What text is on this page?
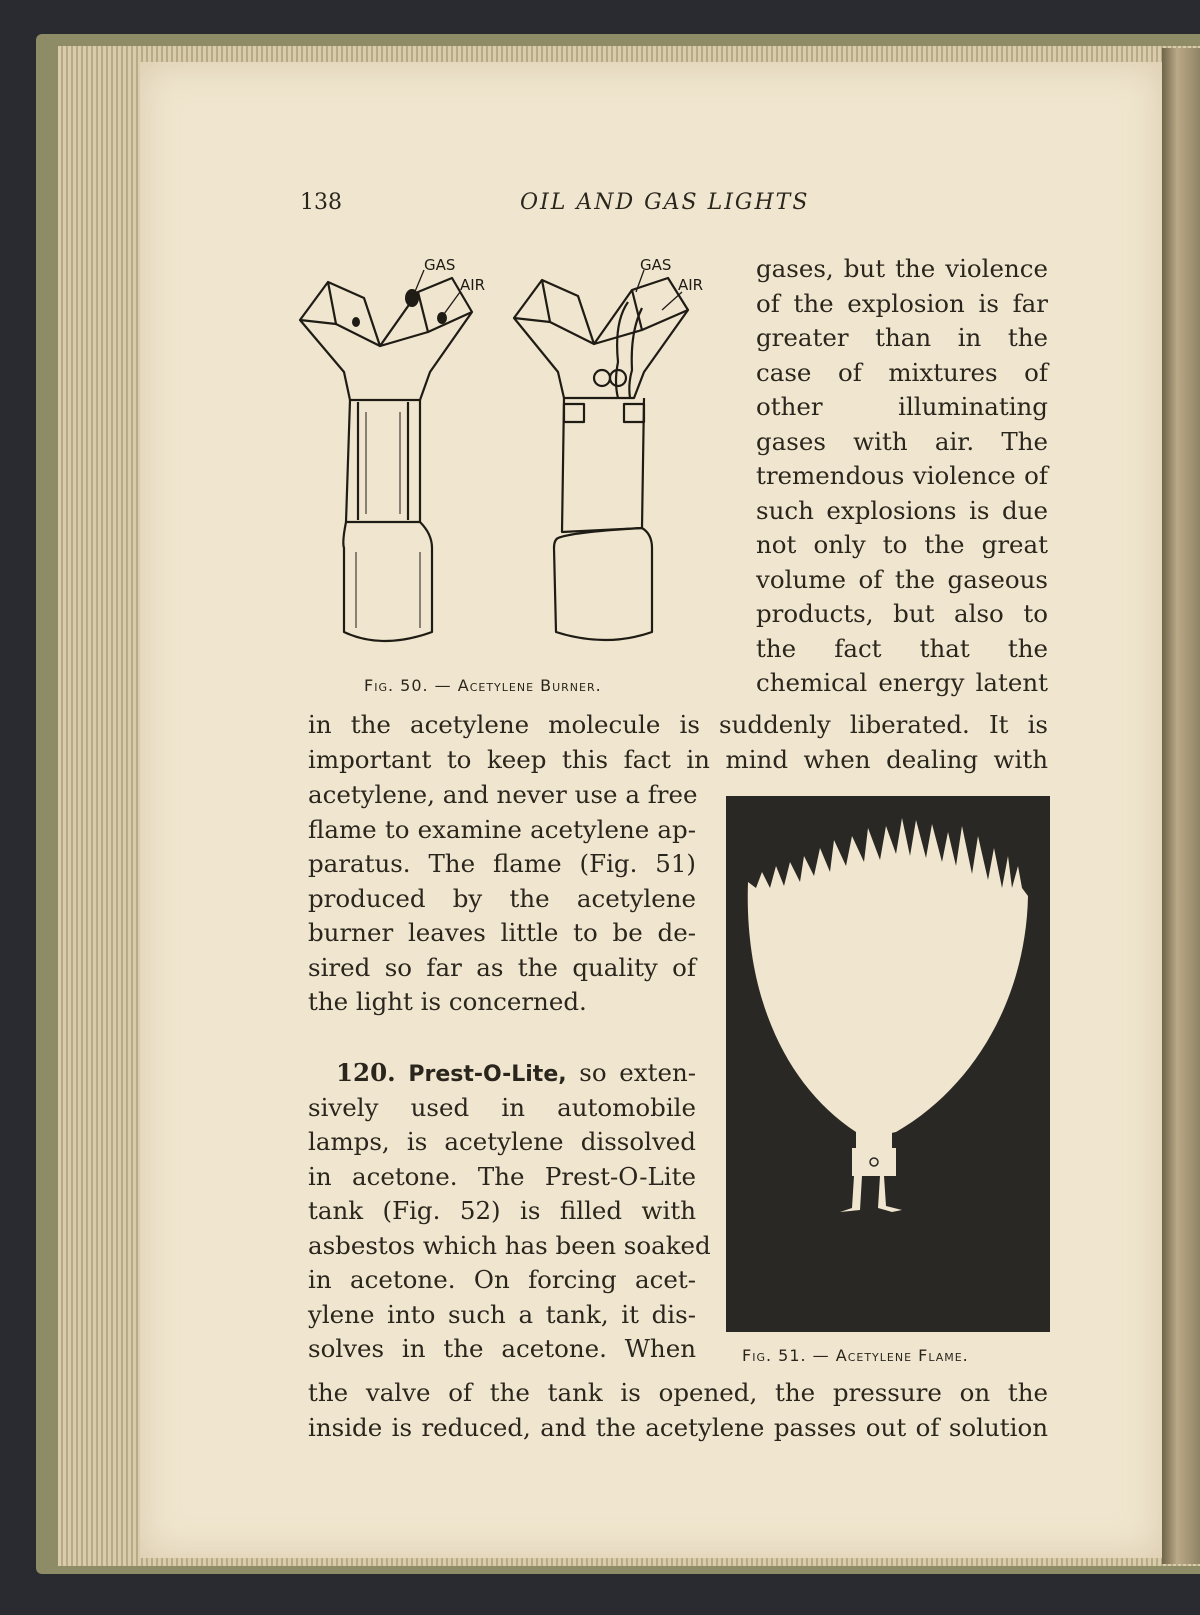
138	OIL AND GAS LIGHTS
GAS
AIR
GAS
AIR
Fig. 50. — Acetylene Burner.
gases, but the violence
of the explosion is far
greater than in the
case of mixtures of
other illuminating
gases with air. The
tremendous violence of
such explosions is due
not only to the great
volume of the gaseous
products, but also to
the fact that the
chemical energy latent
in the acetylene molecule is suddenly liberated. It is
important to keep this fact in mind when dealing with
acetylene, and never use a free
flame to examine acetylene ap-
paratus. The flame (Fig. 51)
produced by the acetylene
burner leaves little to be de-
sired so far as the quality of
the light is concerned.
120. Prest-O-Lite, so exten-
sively used in automobile
lamps, is acetylene dissolved
in acetone. The Prest-O-Lite
tank (Fig. 52) is filled with
asbestos which has been soaked
in acetone. On forcing acet-
ylene into such a tank, it dis-
solves in the acetone. When	Fig. 51. — Acetylene Flame.
the valve of the tank is opened, the pressure on the
inside is reduced, and the acetylene passes out of solution
